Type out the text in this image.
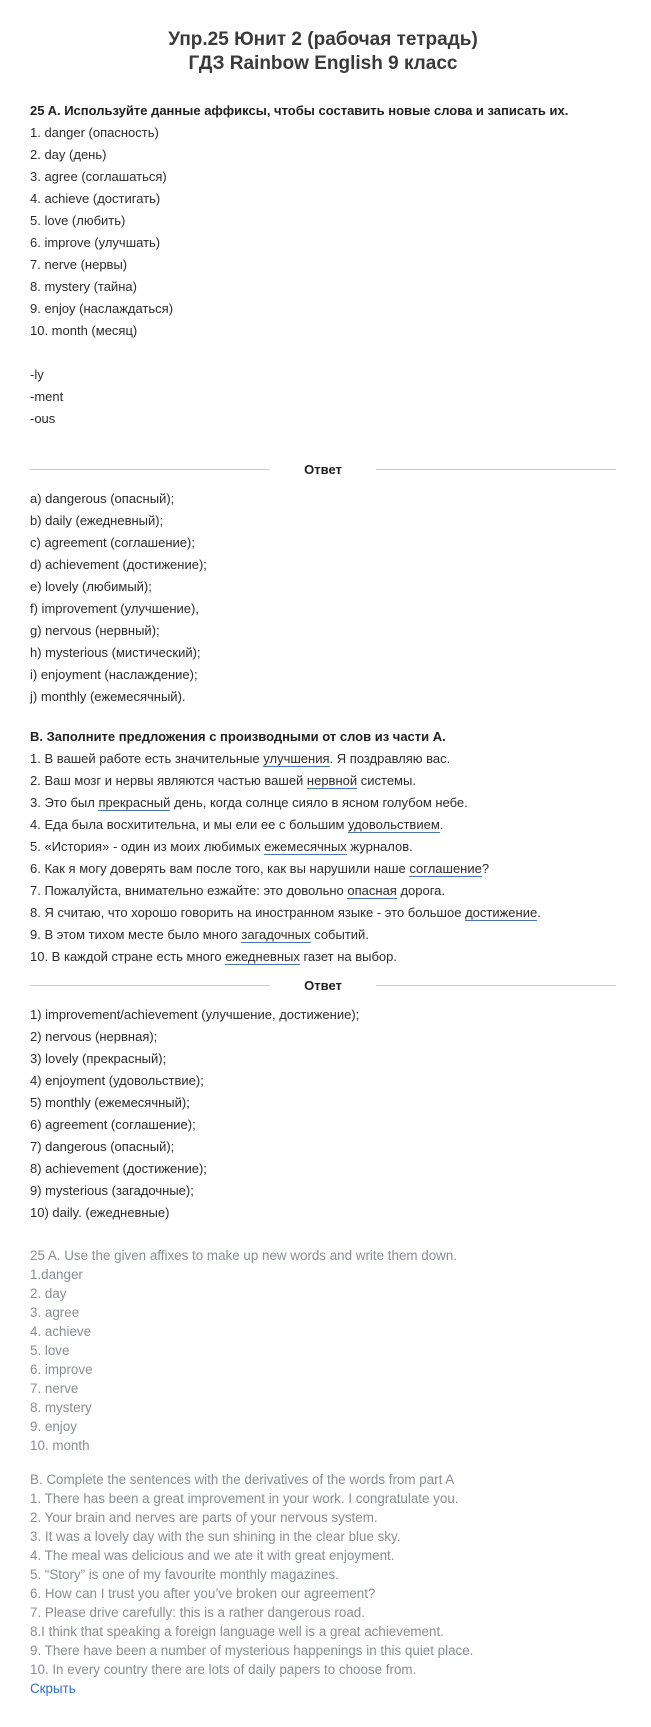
Упр.25 Юнит 2 (рабочая тетрадь)
ГДЗ Rainbow English 9 класс
25 A. Используйте данные аффиксы, чтобы составить новые слова и записать их.
1. danger (опасность)
2. day (день)
3. agree (соглашаться)
4. achieve (достигать)
5. love (любить)
6. improve (улучшать)
7. nerve (нервы)
8. mystery (тайна)
9. enjoy (наслаждаться)
10. month (месяц)
-ly
-ment
-ous
Ответ
a) dangerous (опасный);
b) daily (ежедневный);
c) agreement (соглашение);
d) achievement (достижение);
e) lovely (любимый);
f) improvement (улучшение),
g) nervous (нервный);
h) mysterious (мистический);
i) enjoyment (наслаждение);
j) monthly (ежемесячный).
B. Заполните предложения с производными от слов из части А.
1. В вашей работе есть значительные улучшения. Я поздравляю вас.
2. Ваш мозг и нервы являются частью вашей нервной системы.
3. Это был прекрасный день, когда солнце сияло в ясном голубом небе.
4. Еда была восхитительна, и мы ели ее с большим удовольствием.
5. «История» - один из моих любимых ежемесячных журналов.
6. Как я могу доверять вам после того, как вы нарушили наше соглашение?
7. Пожалуйста, внимательно езжайте: это довольно опасная дорога.
8. Я считаю, что хорошо говорить на иностранном языке - это большое достижение.
9. В этом тихом месте было много загадочных событий.
10. В каждой стране есть много ежедневных газет на выбор.
Ответ
1) improvement/achievement (улучшение, достижение);
2) nervous (нервная);
3) lovely (прекрасный);
4) enjoyment (удовольствие);
5) monthly (ежемесячный);
6) agreement (соглашение);
7) dangerous (опасный);
8) achievement (достижение);
9) mysterious (загадочные);
10) daily. (ежедневные)
25 A. Use the given affixes to make up new words and write them down.
1.danger
2. day
3. agree
4. achieve
5. love
6. improve
7. nerve
8. mystery
9. enjoy
10. month
B. Complete the sentences with the derivatives of the words from part A
1. There has been a great improvement in your work. I congratulate you.
2. Your brain and nerves are parts of your nervous system.
3. It was a lovely day with the sun shining in the clear blue sky.
4. The meal was delicious and we ate it with great enjoyment.
5. “Story” is one of my favourite monthly magazines.
6. How can I trust you after you’ve broken our agreement?
7. Please drive carefully: this is a rather dangerous road.
8.I think that speaking a foreign language well is a great achievement.
9. There have been a number of mysterious happenings in this quiet place.
10. In every country there are lots of daily papers to choose from.
Скрыть
